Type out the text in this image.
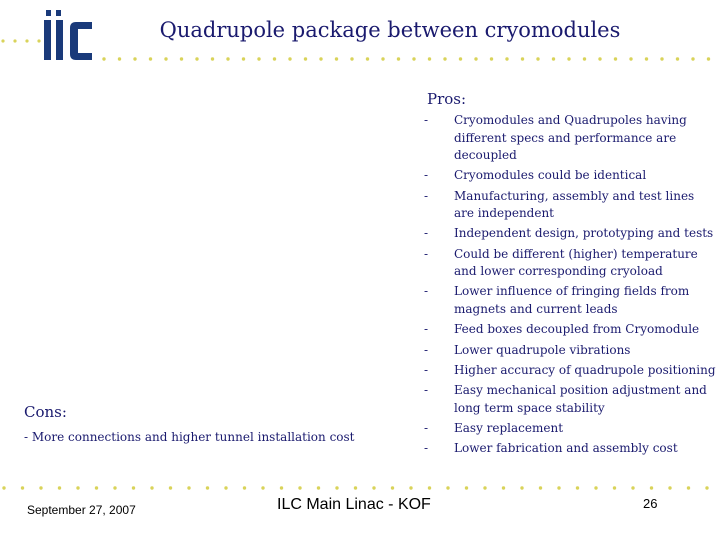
Quadrupole package between cryomodules
Pros:
- Cryomodules and Quadrupoles having different specs and performance are decoupled
- Cryomodules could be identical
- Manufacturing, assembly and test lines are independent
- Independent design, prototyping and tests
- Could be different (higher) temperature and lower corresponding cryoload
- Lower influence of fringing fields from magnets and current leads
- Feed boxes decoupled from Cryomodule
- Lower quadrupole vibrations
- Higher accuracy of quadrupole positioning
- Easy mechanical position adjustment and long term space stability
- Easy replacement
- Lower fabrication and assembly cost
Cons:
- More connections and higher tunnel installation cost
September 27, 2007	ILC Main Linac - KOF	26
